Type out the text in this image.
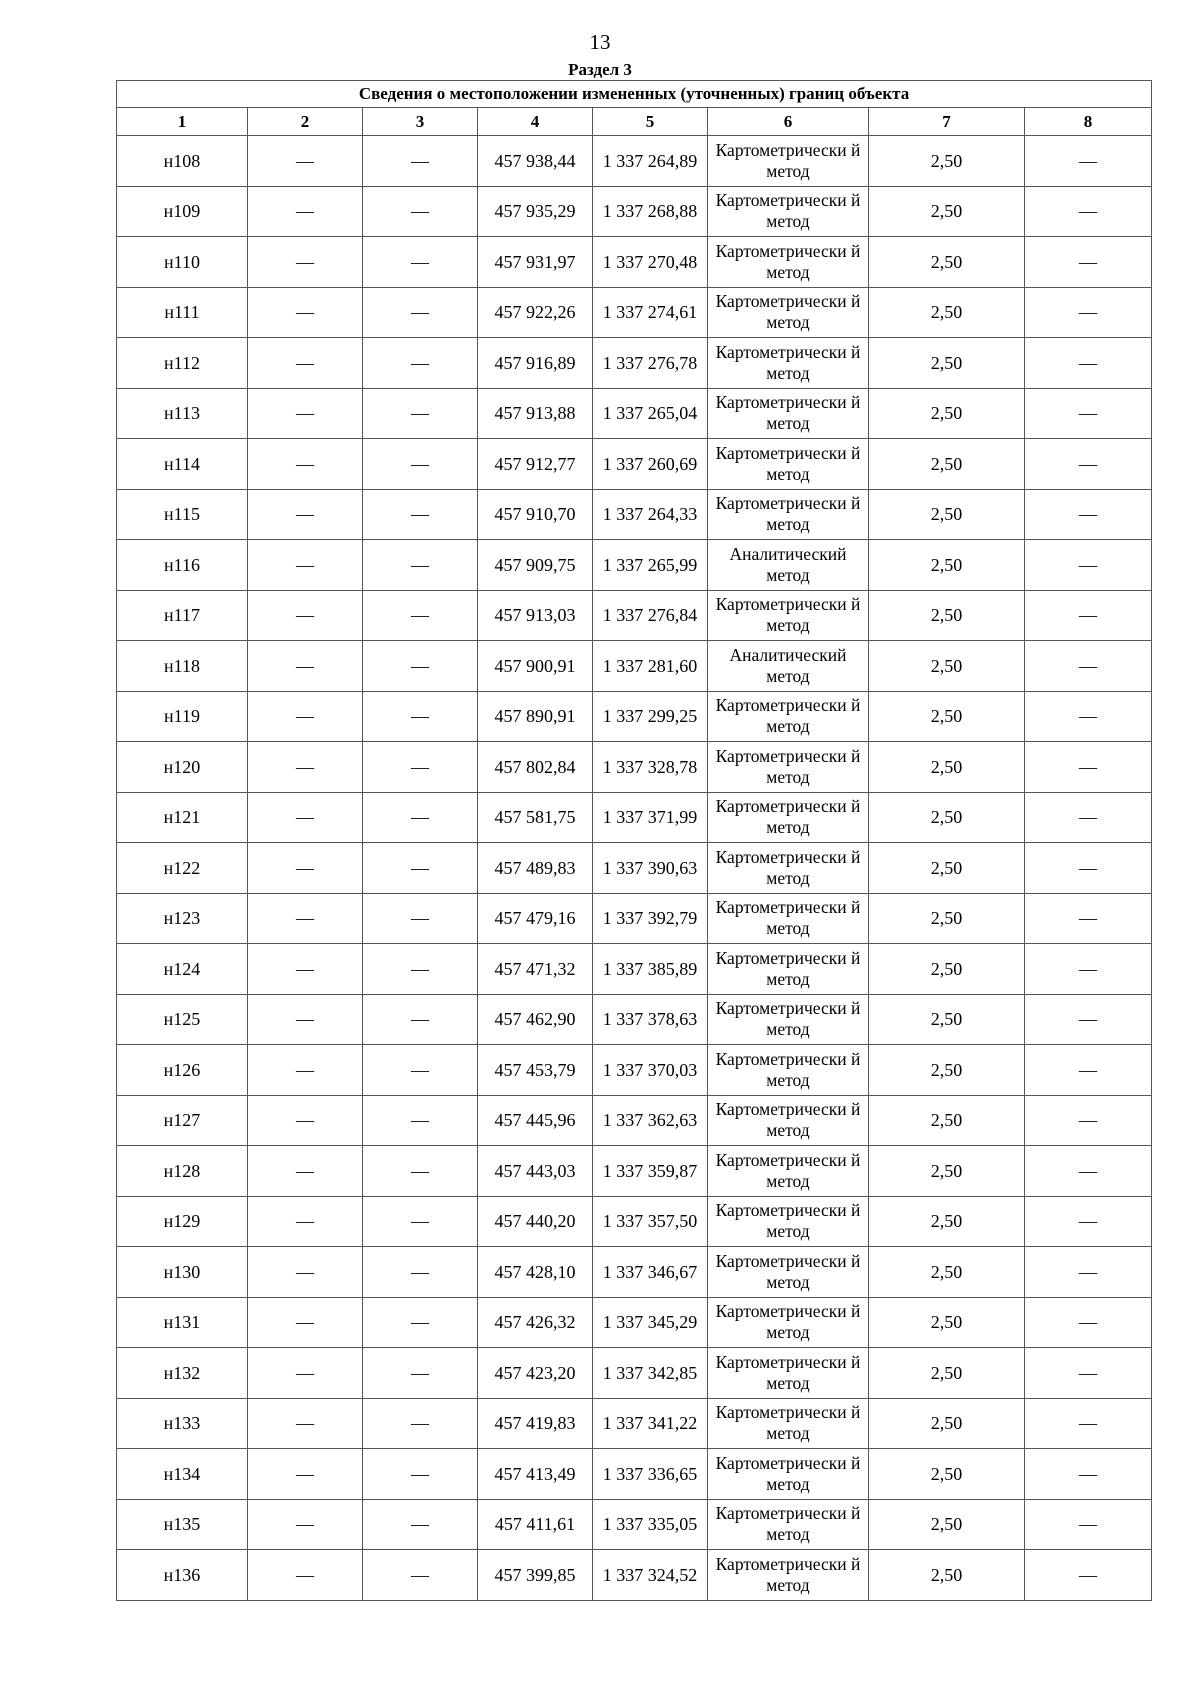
13
Раздел 3
Сведения о местоположении измененных (уточненных) границ объекта							
1	2	3	4	5	6	7	8
н108	—	—	457 938,44	1 337 264,89	Картометрически й метод	2,50	—
н109	—	—	457 935,29	1 337 268,88	Картометрически й метод	2,50	—
н110	—	—	457 931,97	1 337 270,48	Картометрически й метод	2,50	—
н111	—	—	457 922,26	1 337 274,61	Картометрически й метод	2,50	—
н112	—	—	457 916,89	1 337 276,78	Картометрически й метод	2,50	—
н113	—	—	457 913,88	1 337 265,04	Картометрически й метод	2,50	—
н114	—	—	457 912,77	1 337 260,69	Картометрически й метод	2,50	—
н115	—	—	457 910,70	1 337 264,33	Картометрически й метод	2,50	—
н116	—	—	457 909,75	1 337 265,99	Аналитический метод	2,50	—
н117	—	—	457 913,03	1 337 276,84	Картометрически й метод	2,50	—
н118	—	—	457 900,91	1 337 281,60	Аналитический метод	2,50	—
н119	—	—	457 890,91	1 337 299,25	Картометрически й метод	2,50	—
н120	—	—	457 802,84	1 337 328,78	Картометрически й метод	2,50	—
н121	—	—	457 581,75	1 337 371,99	Картометрически й метод	2,50	—
н122	—	—	457 489,83	1 337 390,63	Картометрически й метод	2,50	—
н123	—	—	457 479,16	1 337 392,79	Картометрически й метод	2,50	—
н124	—	—	457 471,32	1 337 385,89	Картометрически й метод	2,50	—
н125	—	—	457 462,90	1 337 378,63	Картометрически й метод	2,50	—
н126	—	—	457 453,79	1 337 370,03	Картометрически й метод	2,50	—
н127	—	—	457 445,96	1 337 362,63	Картометрически й метод	2,50	—
н128	—	—	457 443,03	1 337 359,87	Картометрически й метод	2,50	—
н129	—	—	457 440,20	1 337 357,50	Картометрически й метод	2,50	—
н130	—	—	457 428,10	1 337 346,67	Картометрически й метод	2,50	—
н131	—	—	457 426,32	1 337 345,29	Картометрически й метод	2,50	—
н132	—	—	457 423,20	1 337 342,85	Картометрически й метод	2,50	—
н133	—	—	457 419,83	1 337 341,22	Картометрически й метод	2,50	—
н134	—	—	457 413,49	1 337 336,65	Картометрически й метод	2,50	—
н135	—	—	457 411,61	1 337 335,05	Картометрически й метод	2,50	—
н136	—	—	457 399,85	1 337 324,52	Картометрически й метод	2,50	—
